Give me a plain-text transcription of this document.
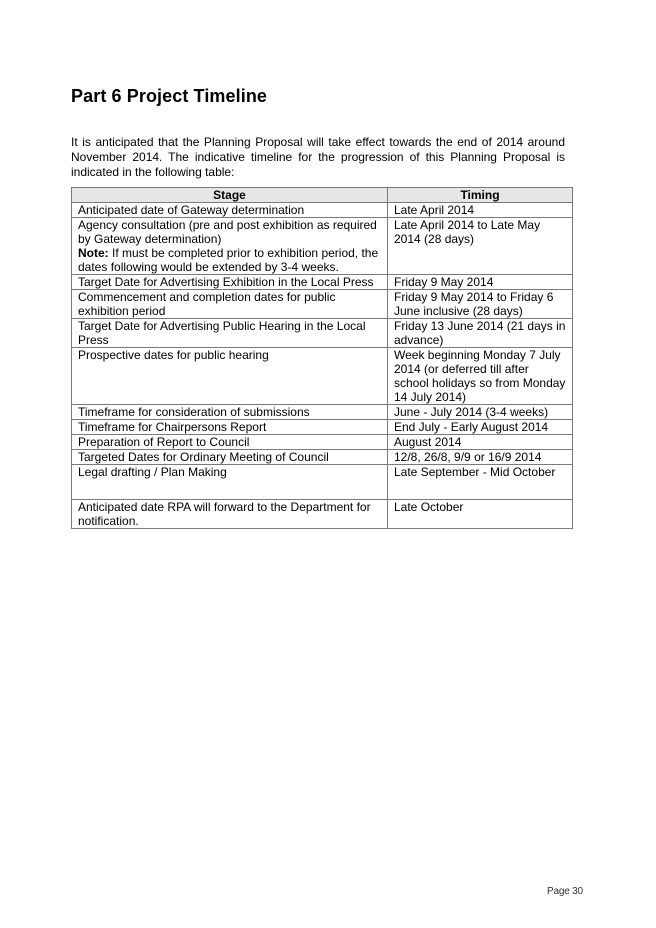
Part 6 Project Timeline

It is anticipated that the Planning Proposal will take effect towards the end of 2014 around November 2014. The indicative timeline for the progression of this Planning Proposal is indicated in the following table:

Stage	Timing
Anticipated date of Gateway determination	Late April 2014
Agency consultation (pre and post exhibition as required by Gateway determination)
Note: If must be completed prior to exhibition period, the dates following would be extended by 3-4 weeks.	Late April 2014 to Late May 2014 (28 days)
Target Date for Advertising Exhibition in the Local Press	Friday 9 May 2014
Commencement and completion dates for public exhibition period	Friday 9 May 2014 to Friday 6 June inclusive (28 days)
Target Date for Advertising Public Hearing in the Local Press	Friday 13 June 2014 (21 days in advance)
Prospective dates for public hearing	Week beginning Monday 7 July 2014 (or deferred till after school holidays so from Monday 14 July 2014)
Timeframe for consideration of submissions	June - July 2014 (3-4 weeks)
Timeframe for Chairpersons Report	End July - Early August 2014
Preparation of Report to Council	August 2014
Targeted Dates for Ordinary Meeting of Council	12/8, 26/8, 9/9 or 16/9 2014
Legal drafting / Plan Making	Late September - Mid October
Anticipated date RPA will forward to the Department for notification.	Late October
Page 30
